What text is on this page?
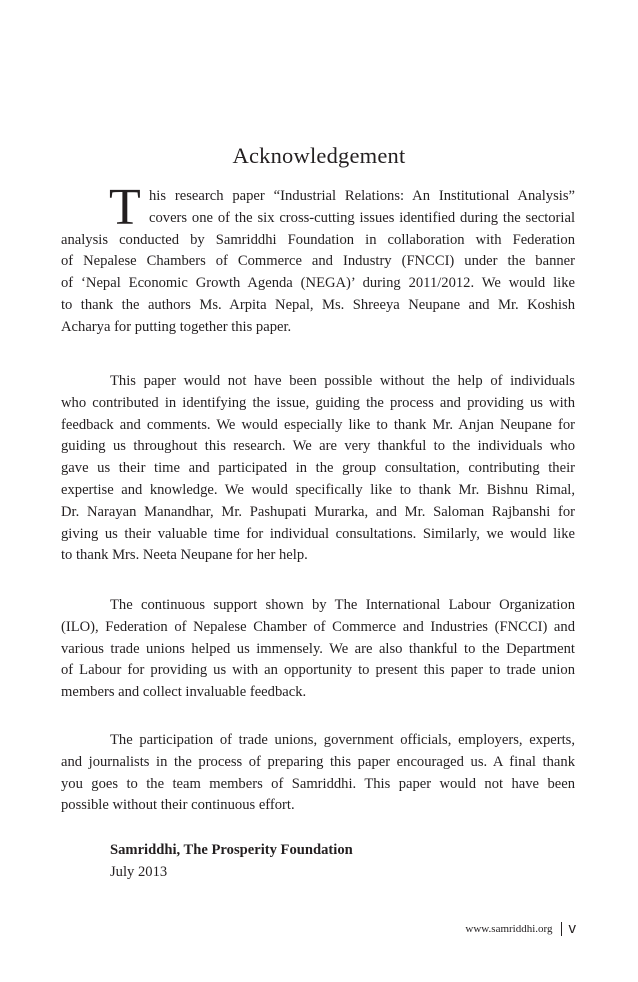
Acknowledgement
T his research paper “Industrial Relations: An Institutional Analysis”
covers one of the six cross-cutting issues identified during the sectorial
analysis conducted by Samriddhi Foundation in collaboration with Federation
of Nepalese Chambers of Commerce and Industry (FNCCI) under the banner
of ‘Nepal Economic Growth Agenda (NEGA)’ during 2011/2012. We would like
to thank the authors Ms. Arpita Nepal, Ms. Shreeya Neupane and Mr. Koshish
Acharya for putting together this paper.
This paper would not have been possible without the help of individuals
who contributed in identifying the issue, guiding the process and providing us with
feedback and comments. We would especially like to thank Mr. Anjan Neupane for
guiding us throughout this research. We are very thankful to the individuals who
gave us their time and participated in the group consultation, contributing their
expertise and knowledge. We would specifically like to thank Mr. Bishnu Rimal,
Dr. Narayan Manandhar, Mr. Pashupati Murarka, and Mr. Saloman Rajbanshi for
giving us their valuable time for individual consultations. Similarly, we would like
to thank Mrs. Neeta Neupane for her help.
The continuous support shown by The International Labour Organization
(ILO), Federation of Nepalese Chamber of Commerce and Industries (FNCCI) and
various trade unions helped us immensely. We are also thankful to the Department
of Labour for providing us with an opportunity to present this paper to trade union
members and collect invaluable feedback.
The participation of trade unions, government officials, employers, experts,
and journalists in the process of preparing this paper encouraged us. A final thank
you goes to the team members of Samriddhi. This paper would not have been
possible without their continuous effort.

Samriddhi, The Prosperity Foundation

July 2013

www.samriddhi.org v
